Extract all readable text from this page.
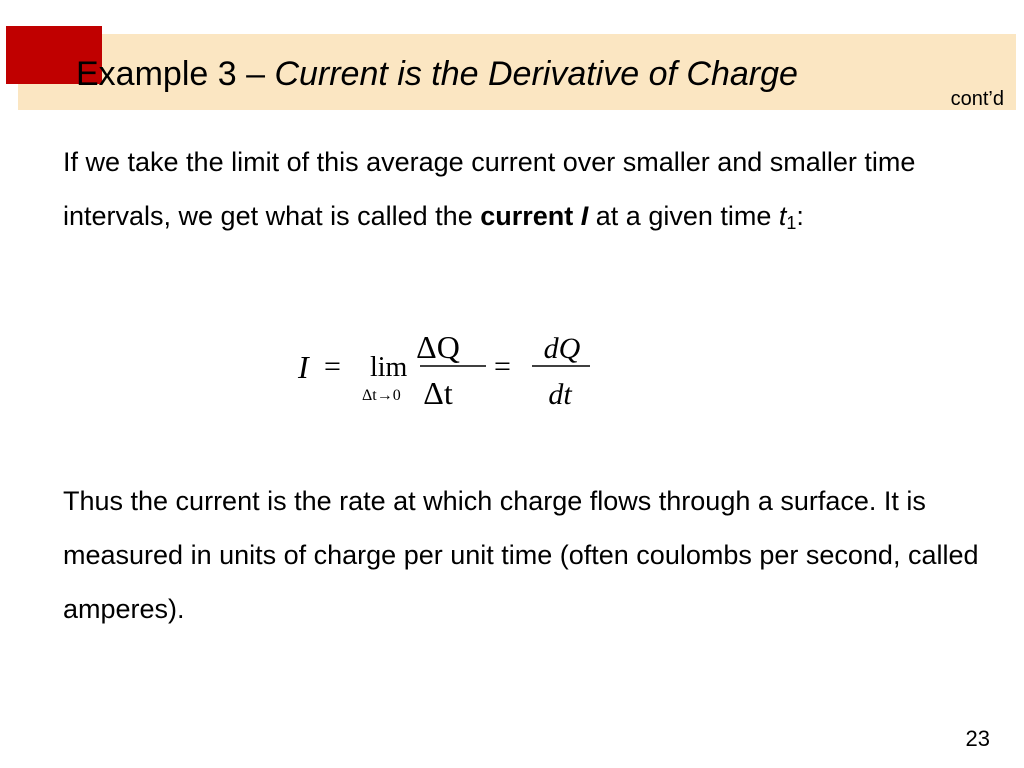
Example 3 – Current is the Derivative of Charge
cont’d

If we take the limit of this average current over smaller and smaller time intervals, we get what is called the current I at a given time $t_1$:

I = lim
Δt→0
ΔQ
Δt
=
dQ
dt

Thus the current is the rate at which charge flows through a surface. It is measured in units of charge per unit time (often coulombs per second, called amperes).

23
